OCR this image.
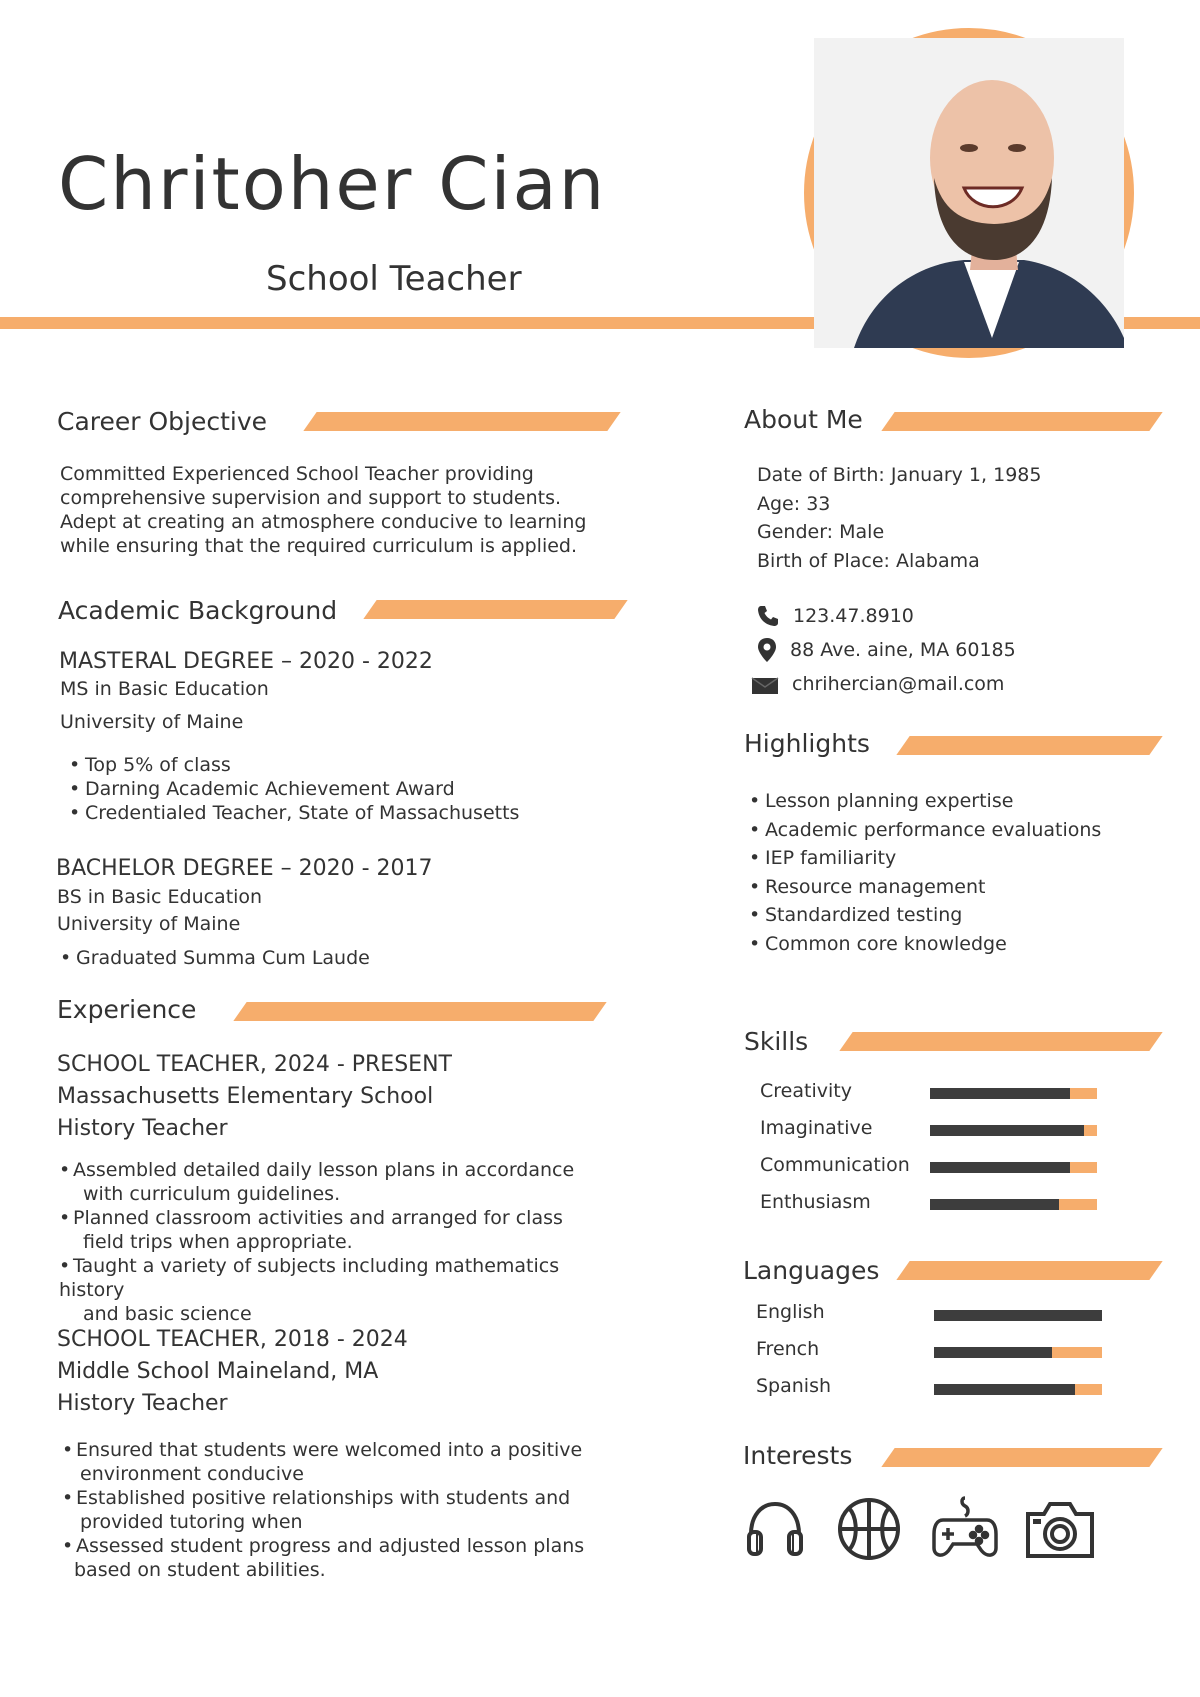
Chritoher Cian
School Teacher
Career Objective
Committed Experienced School Teacher providing
comprehensive supervision and support to students.
Adept at creating an atmosphere conducive to learning
while ensuring that the required curriculum is applied.
Academic Background
MASTERAL DEGREE – 2020 - 2022
MS in Basic Education
University of Maine
• Top 5% of class
• Darning Academic Achievement Award
• Credentialed Teacher, State of Massachusetts
BACHELOR DEGREE – 2020 - 2017
BS in Basic Education
University of Maine
• Graduated Summa Cum Laude
Experience
SCHOOL TEACHER, 2024 - PRESENT
Massachusetts Elementary School
History Teacher
• Assembled detailed daily lesson plans in accordance
with curriculum guidelines.
• Planned classroom activities and arranged for class
field trips when appropriate.
• Taught a variety of subjects including mathematics
history
and basic science
SCHOOL TEACHER, 2018 - 2024
Middle School Maineland, MA
History Teacher
• Ensured that students were welcomed into a positive
environment conducive
• Established positive relationships with students and
provided tutoring when
• Assessed student progress and adjusted lesson plans
based on student abilities.
About Me
Date of Birth: January 1, 1985
Age: 33
Gender: Male
Birth of Place: Alabama
123.47.8910
88 Ave. aine, MA 60185
chrihercian@mail.com
Highlights
• Lesson planning expertise
• Academic performance evaluations
• IEP familiarity
• Resource management
• Standardized testing
• Common core knowledge
Skills
Creativity
Imaginative
Communication
Enthusiasm
Languages
English
French
Spanish
Interests
